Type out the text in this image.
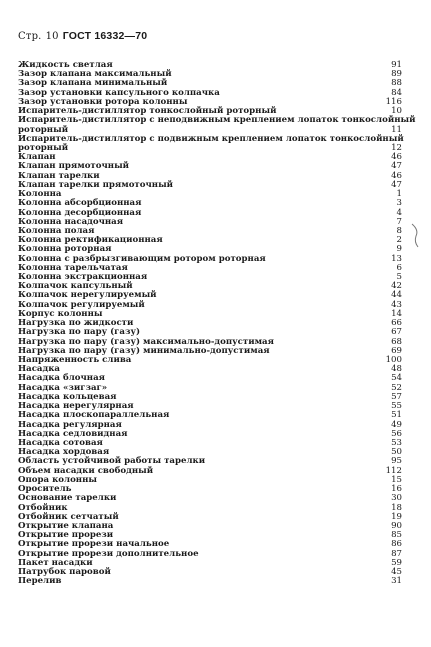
Стр. 10 ГОСТ 16332—70
Жидкость светлая	91
Зазор клапана максимальный	89
Зазор клапана минимальный	88
Зазор установки капсульного колпачка	84
Зазор установки ротора колонны	116
Испаритель-дистиллятор тонкослойный роторный	10
Испаритель-дистиллятор с неподвижным креплением лопаток тонкослойный
роторный	11
Испаритель-дистиллятор с подвижным креплением лопаток тонкослойный
роторный	12
Клапан	46
Клапан прямоточный	47
Клапан тарелки	46
Клапан тарелки прямоточный	47
Колонна	1
Колонна абсорбционная	3
Колонна десорбционная	4
Колонна насадочная	7
Колонна полая	8
Колонна ректификационная	2
Колонна роторная	9
Колонна с разбрызгивающим ротором роторная	13
Колонна тарельчатая	6
Колонна экстракционная	5
Колпачок капсульный	42
Колпачок нерегулируемый	44
Колпачок регулируемый	43
Корпус колонны	14
Нагрузка по жидкости	66
Нагрузка по пару (газу)	67
Нагрузка по пару (газу) максимально-допустимая	68
Нагрузка по пару (газу) минимально-допустимая	69
Напряженность слива	100
Насадка	48
Насадка блочная	54
Насадка «зигзаг»	52
Насадка кольцевая	57
Насадка нерегулярная	55
Насадка плоскопараллельная	51
Насадка регулярная	49
Насадка седловидная	56
Насадка сотовая	53
Насадка хордовая	50
Область устойчивой работы тарелки	95
Объем насадки свободный	112
Опора колонны	15
Ороситель	16
Основание тарелки	30
Отбойник	18
Отбойник сетчатый	19
Открытие клапана	90
Открытие прорези	85
Открытие прорези начальное	86
Открытие прорези дополнительное	87
Пакет насадки	59
Патрубок паровой	45
Перелив	31
